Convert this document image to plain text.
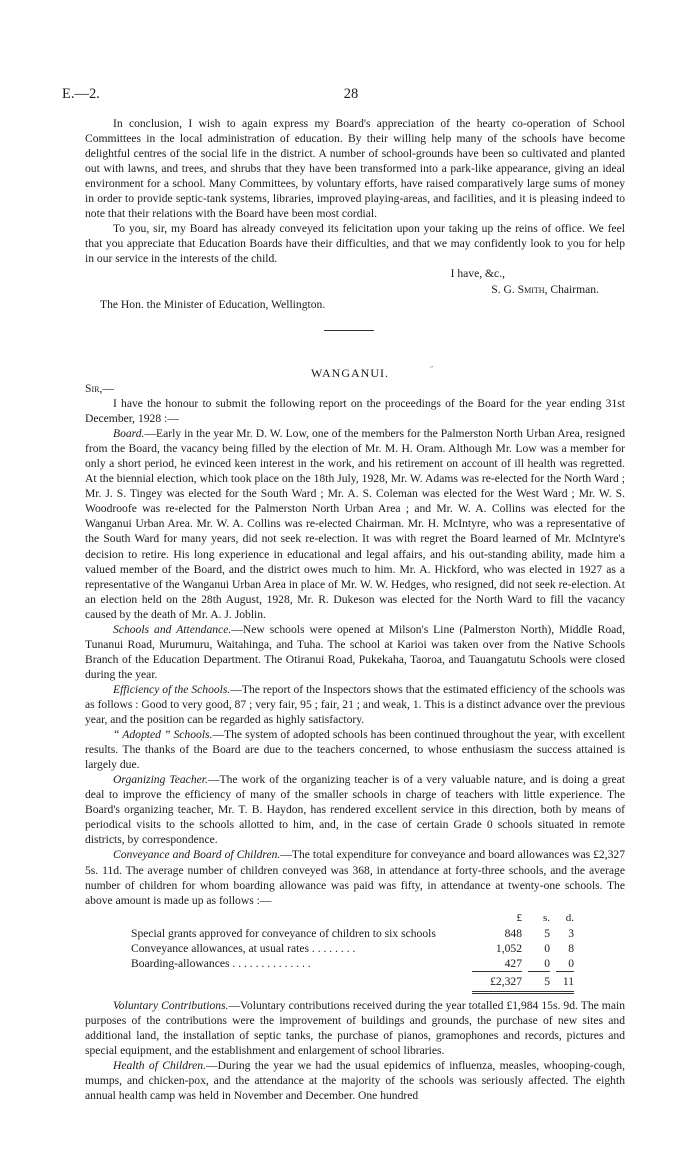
E.—2.	28

In conclusion, I wish to again express my Board's appreciation of the hearty co-operation of School Committees in the local administration of education. By their willing help many of the schools have become delightful centres of the social life in the district. A number of school-grounds have been so cultivated and planted out with lawns, and trees, and shrubs that they have been transformed into a park-like appearance, giving an ideal environment for a school. Many Committees, by voluntary efforts, have raised comparatively large sums of money in order to provide septic-tank systems, libraries, improved playing-areas, and facilities, and it is pleasing indeed to note that their relations with the Board have been most cordial.

To you, sir, my Board has already conveyed its felicitation upon your taking up the reins of office. We feel that you appreciate that Education Boards have their difficulties, and that we may confidently look to you for help in our service in the interests of the child.

I have, &c.,
S. G. Smith, Chairman.

The Hon. the Minister of Education, Wellington.

ᵕ
WANGANUI.

Sir,—

I have the honour to submit the following report on the proceedings of the Board for the year ending 31st December, 1928 :—

Board.—Early in the year Mr. D. W. Low, one of the members for the Palmerston North Urban Area, resigned from the Board, the vacancy being filled by the election of Mr. M. H. Oram. Although Mr. Low was a member for only a short period, he evinced keen interest in the work, and his retirement on account of ill health was regretted. At the biennial election, which took place on the 18th July, 1928, Mr. W. Adams was re-elected for the North Ward ; Mr. J. S. Tingey was elected for the South Ward ; Mr. A. S. Coleman was elected for the West Ward ; Mr. W. S. Woodroofe was re-elected for the Palmerston North Urban Area ; and Mr. W. A. Collins was elected for the Wanganui Urban Area. Mr. W. A. Collins was re-elected Chairman. Mr. H. McIntyre, who was a representative of the South Ward for many years, did not seek re-election. It was with regret the Board learned of Mr. McIntyre's decision to retire. His long experience in educational and legal affairs, and his out-standing ability, made him a valued member of the Board, and the district owes much to him. Mr. A. Hickford, who was elected in 1927 as a representative of the Wanganui Urban Area in place of Mr. W. W. Hedges, who resigned, did not seek re-election. At an election held on the 28th August, 1928, Mr. R. Dukeson was elected for the North Ward to fill the vacancy caused by the death of Mr. A. J. Joblin.

Schools and Attendance.—New schools were opened at Milson's Line (Palmerston North), Middle Road, Tunanui Road, Murumuru, Waitahinga, and Tuha. The school at Karioi was taken over from the Native Schools Branch of the Education Department. The Otiranui Road, Pukekaha, Taoroa, and Tauangatutu Schools were closed during the year.

Efficiency of the Schools.—The report of the Inspectors shows that the estimated efficiency of the schools was as follows : Good to very good, 87 ; very fair, 95 ; fair, 21 ; and weak, 1. This is a distinct advance over the previous year, and the position can be regarded as highly satisfactory.

“ Adopted ” Schools.—The system of adopted schools has been continued throughout the year, with excellent results. The thanks of the Board are due to the teachers concerned, to whose enthusiasm the success attained is largely due.

Organizing Teacher.—The work of the organizing teacher is of a very valuable nature, and is doing a great deal to improve the efficiency of many of the smaller schools in charge of teachers with little experience. The Board's organizing teacher, Mr. T. B. Haydon, has rendered excellent service in this direction, both by means of periodical visits to the schools allotted to him, and, in the case of certain Grade 0 schools situated in remote districts, by correspondence.

Conveyance and Board of Children.—The total expenditure for conveyance and board allowances was £2,327 5s. 11d. The average number of children conveyed was 368, in attendance at forty-three schools, and the average number of children for whom boarding allowance was paid was fifty, in attendance at twenty-one schools. The above amount is made up as follows :—

£	s.	d.
Special grants approved for conveyance of children to six schools	848	5	3
Conveyance allowances, at usual rates . . . . . . . .	1,052	0	8
Boarding-allowances . . . . . . . . . . . . . .	427	0	0
£2,327	5	11

Voluntary Contributions.—Voluntary contributions received during the year totalled £1,984 15s. 9d. The main purposes of the contributions were the improvement of buildings and grounds, the purchase of new sites and additional land, the installation of septic tanks, the purchase of pianos, gramophones and records, pictures and special equipment, and the establishment and enlargement of school libraries.

Health of Children.—During the year we had the usual epidemics of influenza, measles, whooping-cough, mumps, and chicken-pox, and the attendance at the majority of the schools was seriously affected. The eighth annual health camp was held in November and December. One hundred
